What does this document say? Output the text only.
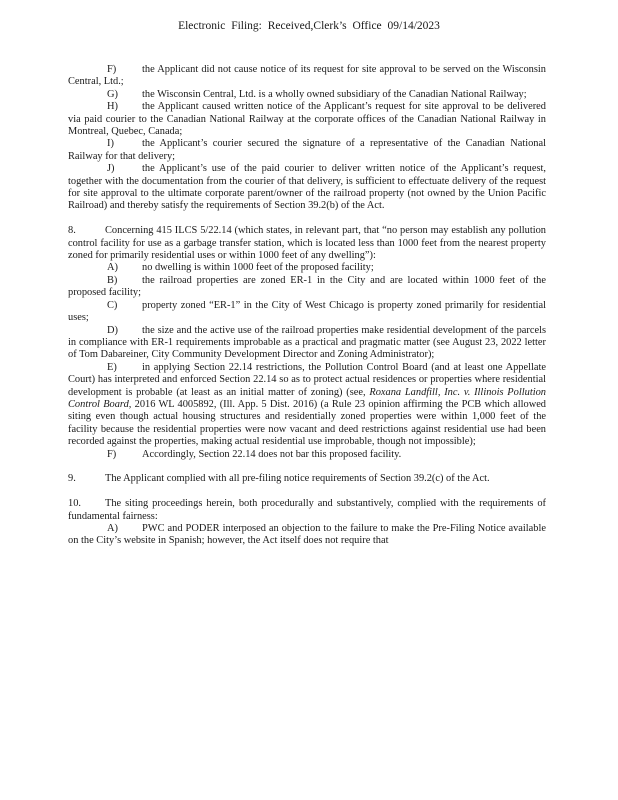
Electronic Filing: Received,Clerk’s Office 09/14/2023

F) the Applicant did not cause notice of its request for site approval to be served on the Wisconsin Central, Ltd.;

G) the Wisconsin Central, Ltd. is a wholly owned subsidiary of the Canadian National Railway;

H) the Applicant caused written notice of the Applicant’s request for site approval to be delivered via paid courier to the Canadian National Railway at the corporate offices of the Canadian National Railway in Montreal, Quebec, Canada;

I)	the Applicant’s courier secured the signature of a representative of the Canadian National Railway for that delivery;

J)	the Applicant’s use of the paid courier to deliver written notice of the Applicant’s request, together with the documentation from the courier of that delivery, is sufficient to effectuate delivery of the request for site approval to the ultimate corporate parent/owner of the railroad property (not owned by the Union Pacific Railroad) and thereby satisfy the requirements of Section 39.2(b) of the Act.

8.	Concerning 415 ILCS 5/22.14 (which states, in relevant part, that “no person may establish any pollution control facility for use as a garbage transfer station, which is located less than 1000 feet from the nearest property zoned for primarily residential uses or within 1000 feet of any dwelling”):

A) no dwelling is within 1000 feet of the proposed facility;

B) the railroad properties are zoned ER-1 in the City and are located within 1000 feet of the proposed facility;

C) property zoned “ER-1” in the City of West Chicago is property zoned primarily for residential uses;

D) the size and the active use of the railroad properties make residential development of the parcels in compliance with ER-1 requirements improbable as a practical and pragmatic matter (see August 23, 2022 letter of Tom Dabareiner, City Community Development Director and Zoning Administrator);

E) in applying Section 22.14 restrictions, the Pollution Control Board (and at least one Appellate Court) has interpreted and enforced Section 22.14 so as to protect actual residences or properties where residential development is probable (at least as an initial matter of zoning) (see, Roxana Landfill, Inc. v. Illinois Pollution Control Board, 2016 WL 4005892, (Ill. App. 5 Dist. 2016) (a Rule 23 opinion affirming the PCB which allowed siting even though actual housing structures and residentially zoned properties were within 1,000 feet of the facility because the residential properties were now vacant and deed restrictions against residential use had been recorded against the properties, making actual residential use improbable, though not impossible);

F) Accordingly, Section 22.14 does not bar this proposed facility.

9.	The Applicant complied with all pre-filing notice requirements of Section 39.2(c) of the Act.

10. The siting proceedings herein, both procedurally and substantively, complied with the requirements of fundamental fairness:

A) PWC and PODER interposed an objection to the failure to make the Pre-Filing Notice available on the City’s website in Spanish; however, the Act itself does not require that
